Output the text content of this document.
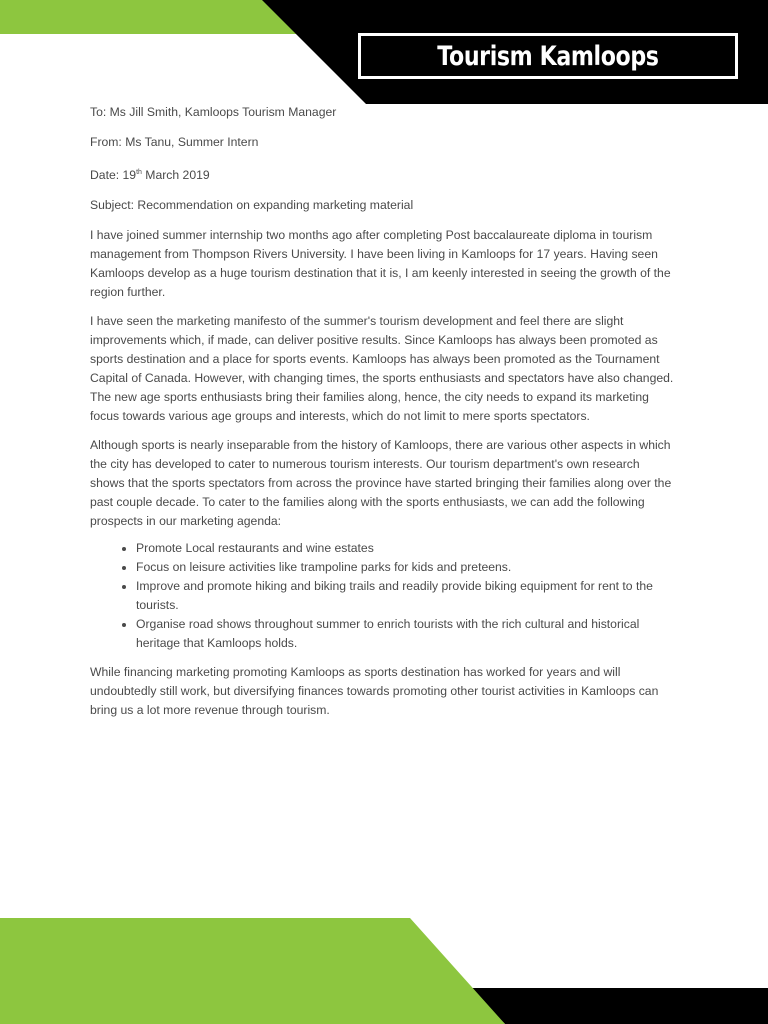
Tourism Kamloops

To: Ms Jill Smith, Kamloops Tourism Manager

From: Ms Tanu, Summer Intern

Date: 19th March 2019

Subject: Recommendation on expanding marketing material

I have joined summer internship two months ago after completing Post baccalaureate diploma in tourism management from Thompson Rivers University. I have been living in Kamloops for 17 years. Having seen Kamloops develop as a huge tourism destination that it is, I am keenly interested in seeing the growth of the region further.

I have seen the marketing manifesto of the summer's tourism development and feel there are slight improvements which, if made, can deliver positive results. Since Kamloops has always been promoted as sports destination and a place for sports events. Kamloops has always been promoted as the Tournament Capital of Canada. However, with changing times, the sports enthusiasts and spectators have also changed. The new age sports enthusiasts bring their families along, hence, the city needs to expand its marketing focus towards various age groups and interests, which do not limit to mere sports spectators.

Although sports is nearly inseparable from the history of Kamloops, there are various other aspects in which the city has developed to cater to numerous tourism interests. Our tourism department's own research shows that the sports spectators from across the province have started bringing their families along over the past couple decade. To cater to the families along with the sports enthusiasts, we can add the following prospects in our marketing agenda:

• Promote Local restaurants and wine estates
• Focus on leisure activities like trampoline parks for kids and preteens.
• Improve and promote hiking and biking trails and readily provide biking equipment for rent to the tourists.
• Organise road shows throughout summer to enrich tourists with the rich cultural and historical heritage that Kamloops holds.

While financing marketing promoting Kamloops as sports destination has worked for years and will undoubtedly still work, but diversifying finances towards promoting other tourist activities in Kamloops can bring us a lot more revenue through tourism.
